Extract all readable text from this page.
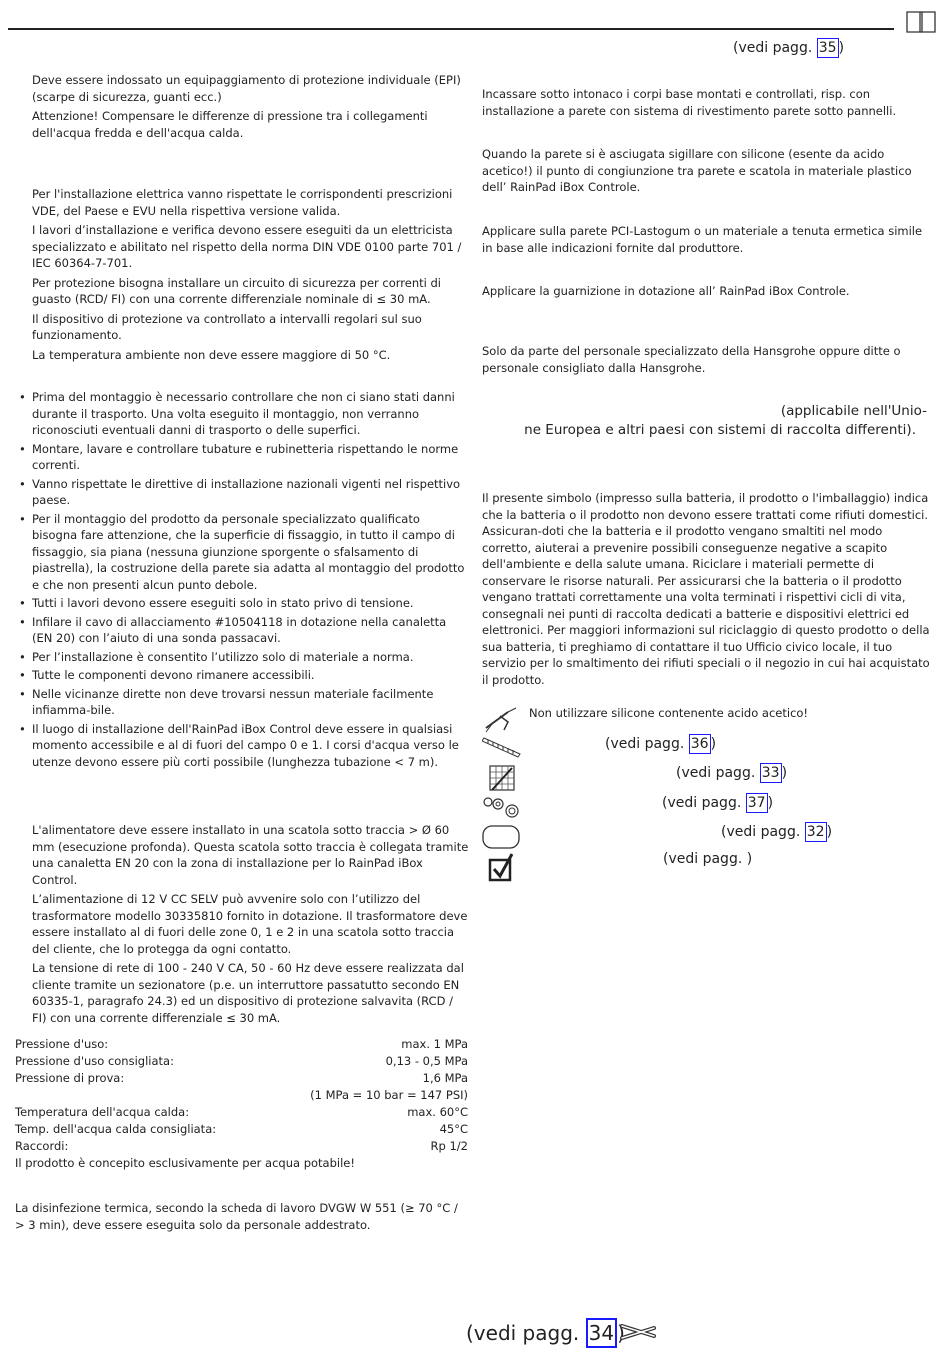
(vedi pagg. 35 )

Deve essere indossato un equipaggiamento di protezione individuale (EPI) (scarpe di sicurezza, guanti ecc.)

Attenzione! Compensare le differenze di pressione tra i collegamenti dell'acqua fredda e dell'acqua calda.

Per l'installazione elettrica vanno rispettate le corrispondenti prescrizioni VDE, del Paese e EVU nella rispettiva versione valida.

I lavori d’installazione e verifica devono essere eseguiti da un elettricista specializzato e abilitato nel rispetto della norma DIN VDE 0100 parte 701 / IEC 60364-7-701.

Per protezione bisogna installare un circuito di sicurezza per correnti di guasto (RCD/ FI) con una corrente differenziale nominale di ≤ 30 mA.

Il dispositivo di protezione va controllato a intervalli regolari sul suo funzionamento.

La temperatura ambiente non deve essere maggiore di 50 °C.

• Prima del montaggio è necessario controllare che non ci siano stati danni durante il trasporto. Una volta eseguito il montaggio, non verranno riconosciuti eventuali danni di trasporto o delle superfici.
• Montare, lavare e controllare tubature e rubinetteria rispettando le norme correnti.
• Vanno rispettate le direttive di installazione nazionali vigenti nel rispettivo paese.
• Per il montaggio del prodotto da personale specializzato qualificato bisogna fare attenzione, che la superficie di fissaggio, in tutto il campo di fissaggio, sia piana (nessuna giunzione sporgente o sfalsamento di piastrella), la costruzione della parete sia adatta al montaggio del prodotto e che non presenti alcun punto debole.
• Tutti i lavori devono essere eseguiti solo in stato privo di tensione.
• Infilare il cavo di allacciamento #10504118 in dotazione nella canaletta (EN 20) con l’aiuto di una sonda passacavi.
• Per l’installazione è consentito l’utilizzo solo di materiale a norma.
• Tutte le componenti devono rimanere accessibili.
• Nelle vicinanze dirette non deve trovarsi nessun materiale facilmente infiamma-bile.
• Il luogo di installazione dell'RainPad iBox Control deve essere in qualsiasi momento accessibile e al di fuori del campo 0 e 1. I corsi d'acqua verso le utenze devono essere più corti possibile (lunghezza tubazione < 7 m).

L'alimentatore deve essere installato in una scatola sotto traccia > Ø 60 mm (esecuzione profonda). Questa scatola sotto traccia è collegata tramite una canaletta EN 20 con la zona di installazione per lo RainPad iBox Control.

L’alimentazione di 12 V CC SELV può avvenire solo con l’utilizzo del trasformatore modello 30335810 fornito in dotazione. Il trasformatore deve essere installato al di fuori delle zone 0, 1 e 2 in una scatola sotto traccia del cliente, che lo protegga da ogni contatto.

La tensione di rete di 100 - 240 V CA, 50 - 60 Hz deve essere realizzata dal cliente tramite un sezionatore (p.e. un interruttore passatutto secondo EN 60335-1, paragrafo 24.3) ed un dispositivo di protezione salvavita (RCD / FI) con una corrente differenziale ≤ 30 mA.

Pressione d'uso:	max. 1 MPa
Pressione d'uso consigliata:	0,13 - 0,5 MPa
Pressione di prova:	1,6 MPa
(1 MPa = 10 bar = 147 PSI)
Temperatura dell'acqua calda:	max. 60°C
Temp. dell'acqua calda consigliata:	45°C
Raccordi:	Rp 1/2

Il prodotto è concepito esclusivamente per acqua potabile!

La disinfezione termica, secondo la scheda di lavoro DVGW W 551 (≥ 70 °C / > 3 min), deve essere eseguita solo da personale addestrato.
Incassare sotto intonaco i corpi base montati e controllati, risp. con installazione a parete con sistema di rivestimento parete sotto pannelli.
Quando la parete si è asciugata sigillare con silicone (esente da acido acetico!) il punto di congiunzione tra parete e scatola in materiale plastico dell’ RainPad iBox Controle.
Applicare sulla parete PCI-Lastogum o un materiale a tenuta ermetica simile in base alle indicazioni fornite dal produttore.
Applicare la guarnizione in dotazione all’ RainPad iBox Controle.
Solo da parte del personale specializzato della Hansgrohe oppure ditte o personale consigliato dalla Hansgrohe.
(applicabile nell'Unio-
ne Europea e altri paesi con sistemi di raccolta differenti).
Il presente simbolo (impresso sulla batteria, il prodotto o l'imballaggio) indica che la batteria o il prodotto non devono essere trattati come rifiuti domestici. Assicuran-doti che la batteria e il prodotto vengano smaltiti nel modo corretto, aiuterai a prevenire possibili conseguenze negative a scapito dell'ambiente e della salute umana. Riciclare i materiali permette di conservare le risorse naturali. Per assicurarsi che la batteria o il prodotto vengano trattati correttamente una volta terminati i rispettivi cicli di vita, consegnali nei punti di raccolta dedicati a batterie e dispositivi elettrici ed elettronici. Per maggiori informazioni sul riciclaggio di questo prodotto o della sua batteria, ti preghiamo di contattare il tuo Ufficio civico locale, il tuo servizio per lo smaltimento dei rifiuti speciali o il negozio in cui hai acquistato il prodotto.
Non utilizzare silicone contenente acido acetico!
(vedi pagg. 36 )
(vedi pagg. 33 )
(vedi pagg. 37 )
(vedi pagg. 32 )
(vedi pagg. )
(vedi pagg. 34 )
